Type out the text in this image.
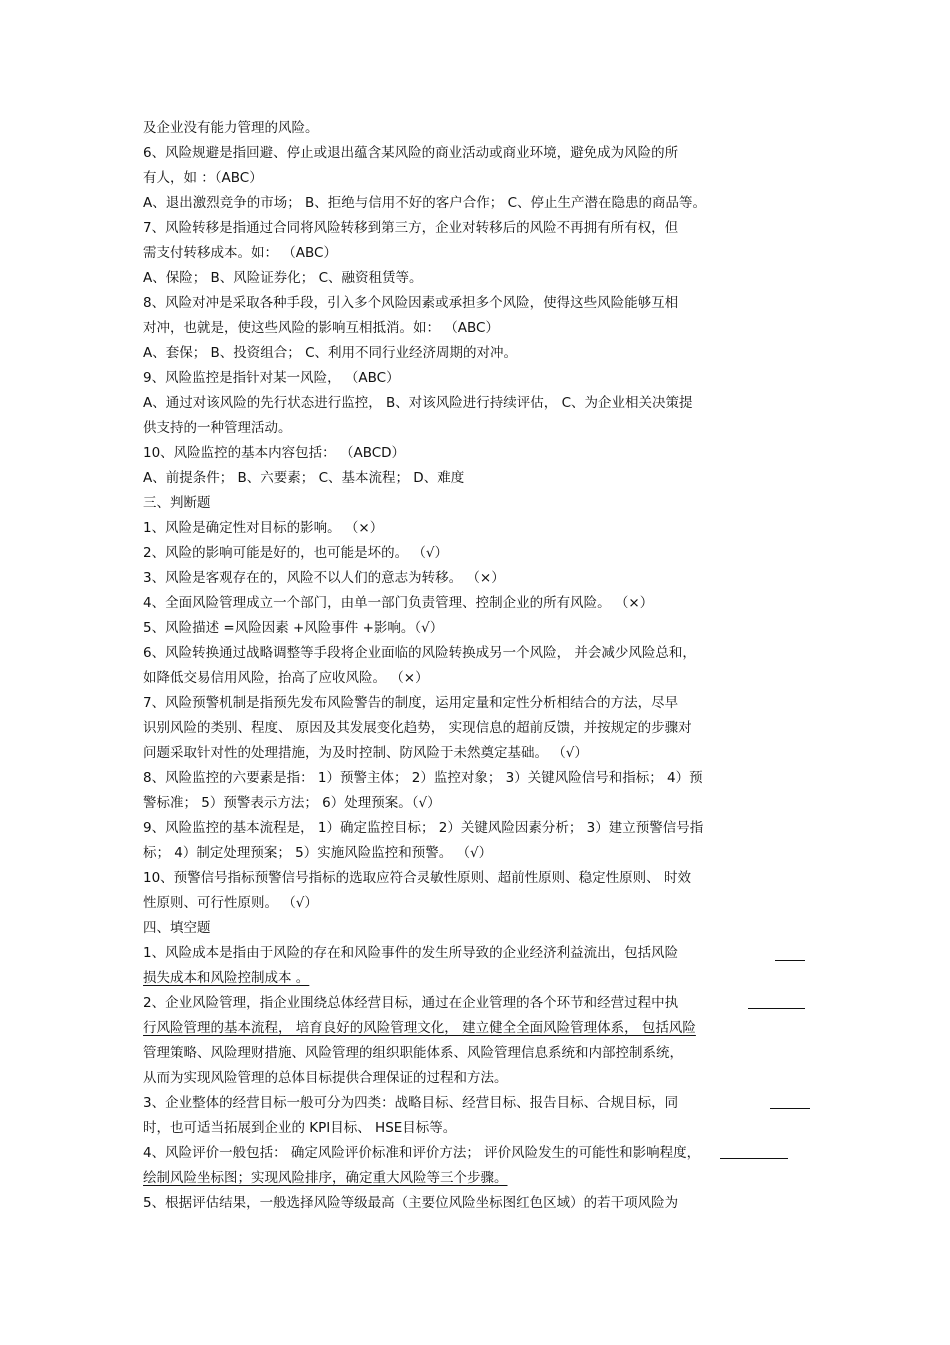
及企业没有能力管理的风险。
6、风险规避是指回避、停止或退出蕴含某风险的商业活动或商业环境，避免成为风险的所
有人，如 ：（ABC）
A、退出激烈竞争的市场； B、拒绝与信用不好的客户合作； C、停止生产潜在隐患的商品等。
7、风险转移是指通过合同将风险转移到第三方，企业对转移后的风险不再拥有所有权，但
需支付转移成本。如： （ABC）
A、保险； B、风险证券化； C、融资租赁等。
8、风险对冲是采取各种手段，引入多个风险因素或承担多个风险，使得这些风险能够互相
对冲，也就是，使这些风险的影响互相抵消。如： （ABC）
A、套保； B、投资组合； C、利用不同行业经济周期的对冲。
9、风险监控是指针对某一风险， （ABC）
A、通过对该风险的先行状态进行监控， B、对该风险进行持续评估， C、为企业相关决策提
供支持的一种管理活动。
10、风险监控的基本内容包括： （ABCD）
A、前提条件； B、六要素； C、基本流程； D、难度
三、判断题
1、风险是确定性对目标的影响。 （×）
2、风险的影响可能是好的，也可能是坏的。 （√）
3、风险是客观存在的，风险不以人们的意志为转移。 （×）
4、全面风险管理成立一个部门，由单一部门负责管理、控制企业的所有风险。 （×）
5、风险描述 =风险因素 +风险事件 +影响。（√）
6、风险转换通过战略调整等手段将企业面临的风险转换成另一个风险， 并会减少风险总和，
如降低交易信用风险，抬高了应收风险。 （×）
7、风险预警机制是指预先发布风险警告的制度，运用定量和定性分析相结合的方法，尽早
识别风险的类别、程度、 原因及其发展变化趋势， 实现信息的超前反馈，并按规定的步骤对
问题采取针对性的处理措施，为及时控制、防风险于未然奠定基础。 （√）
8、风险监控的六要素是指： 1）预警主体； 2）监控对象； 3）关键风险信号和指标； 4）预
警标准； 5）预警表示方法； 6）处理预案。（√）
9、风险监控的基本流程是， 1）确定监控目标； 2）关键风险因素分析； 3）建立预警信号指
标； 4）制定处理预案； 5）实施风险监控和预警。 （√）
10、预警信号指标预警信号指标的选取应符合灵敏性原则、超前性原则、稳定性原则、 时效
性原则、可行性原则。 （√）
四、填空题
1、风险成本是指由于风险的存在和风险事件的发生所导致的企业经济利益流出，包括风险
损失成本和风险控制成本 。
2、企业风险管理，指企业围绕总体经营目标，通过在企业管理的各个环节和经营过程中执
行风险管理的基本流程， 培育良好的风险管理文化， 建立健全全面风险管理体系， 包括风险
管理策略、风险理财措施、风险管理的组织职能体系、风险管理信息系统和内部控制系统，
从而为实现风险管理的总体目标提供合理保证的过程和方法。
3、企业整体的经营目标一般可分为四类：战略目标、经营目标、报告目标、合规目标，同
时，也可适当拓展到企业的 KPI目标、 HSE目标等。
4、风险评价一般包括： 确定风险评价标准和评价方法； 评价风险发生的可能性和影响程度，
绘制风险坐标图；实现风险排序，确定重大风险等三个步骤。
5、根据评估结果，一般选择风险等级最高（主要位风险坐标图红色区域）的若干项风险为
